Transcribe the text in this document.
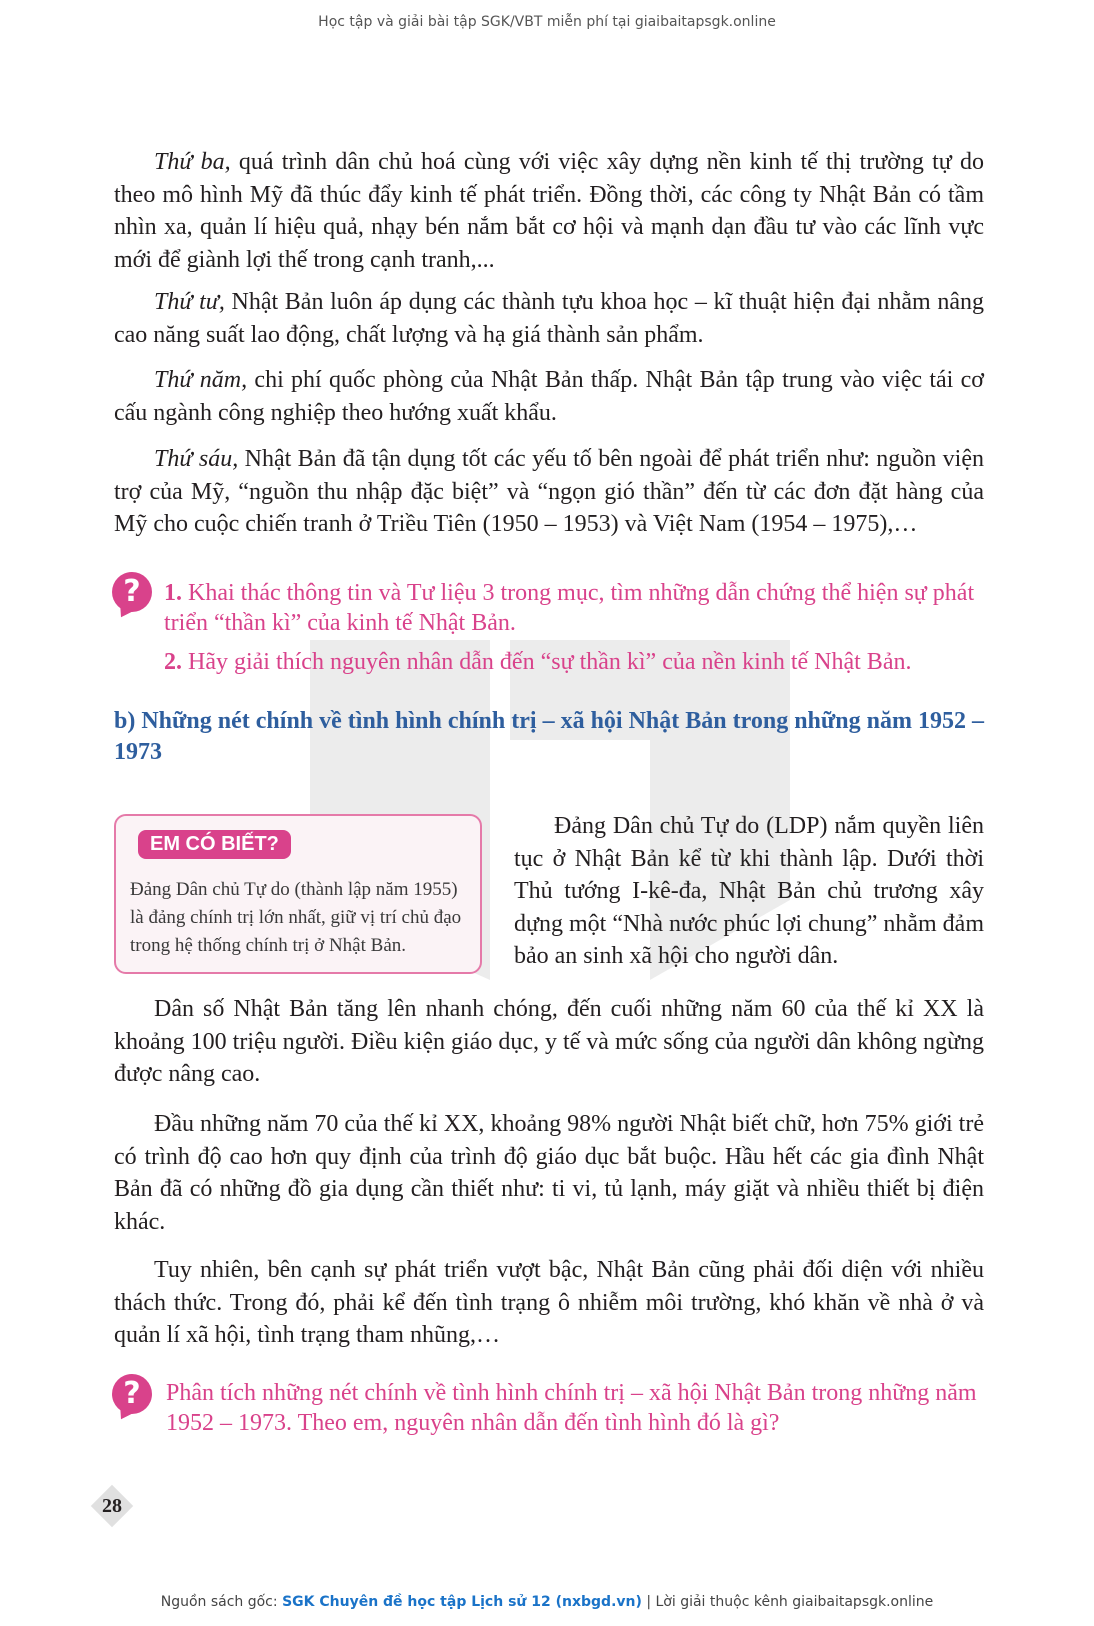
Học tập và giải bài tập SGK/VBT miễn phí tại giaibaitapsgk.online

Thứ ba, quá trình dân chủ hoá cùng với việc xây dựng nền kinh tế thị trường tự do theo mô hình Mỹ đã thúc đẩy kinh tế phát triển. Đồng thời, các công ty Nhật Bản có tầm nhìn xa, quản lí hiệu quả, nhạy bén nắm bắt cơ hội và mạnh dạn đầu tư vào các lĩnh vực mới để giành lợi thế trong cạnh tranh,...

Thứ tư, Nhật Bản luôn áp dụng các thành tựu khoa học – kĩ thuật hiện đại nhằm nâng cao năng suất lao động, chất lượng và hạ giá thành sản phẩm.

Thứ năm, chi phí quốc phòng của Nhật Bản thấp. Nhật Bản tập trung vào việc tái cơ cấu ngành công nghiệp theo hướng xuất khẩu.

Thứ sáu, Nhật Bản đã tận dụng tốt các yếu tố bên ngoài để phát triển như: nguồn viện trợ của Mỹ, “nguồn thu nhập đặc biệt” và “ngọn gió thần” đến từ các đơn đặt hàng của Mỹ cho cuộc chiến tranh ở Triều Tiên (1950 – 1953) và Việt Nam (1954 – 1975),…

? 1. Khai thác thông tin và Tư liệu 3 trong mục, tìm những dẫn chứng thể hiện sự phát triển “thần kì” của kinh tế Nhật Bản.

2. Hãy giải thích nguyên nhân dẫn đến “sự thần kì” của nền kinh tế Nhật Bản.

b) Những nét chính về tình hình chính trị – xã hội Nhật Bản trong những năm 1952 – 1973
EM CÓ BIẾT?

Đảng Dân chủ Tự do (thành lập năm 1955) là đảng chính trị lớn nhất, giữ vị trí chủ đạo trong hệ thống chính trị ở Nhật Bản.

Đảng Dân chủ Tự do (LDP) nắm quyền liên tục ở Nhật Bản kể từ khi thành lập. Dưới thời Thủ tướng I-kê-đa, Nhật Bản chủ trương xây dựng một “Nhà nước phúc lợi chung” nhằm đảm bảo an sinh xã hội cho người dân.

Dân số Nhật Bản tăng lên nhanh chóng, đến cuối những năm 60 của thế kỉ XX là khoảng 100 triệu người. Điều kiện giáo dục, y tế và mức sống của người dân không ngừng được nâng cao.

Đầu những năm 70 của thế kỉ XX, khoảng 98% người Nhật biết chữ, hơn 75% giới trẻ có trình độ cao hơn quy định của trình độ giáo dục bắt buộc. Hầu hết các gia đình Nhật Bản đã có những đồ gia dụng cần thiết như: ti vi, tủ lạnh, máy giặt và nhiều thiết bị điện khác.

Tuy nhiên, bên cạnh sự phát triển vượt bậc, Nhật Bản cũng phải đối diện với nhiều thách thức. Trong đó, phải kể đến tình trạng ô nhiễm môi trường, khó khăn về nhà ở và quản lí xã hội, tình trạng tham nhũng,…

?	Phân tích những nét chính về tình hình chính trị – xã hội Nhật Bản trong những năm 1952 – 1973. Theo em, nguyên nhân dẫn đến tình hình đó là gì?

28
Nguồn sách gốc: SGK Chuyên đề học tập Lịch sử 12 (nxbgd.vn) | Lời giải thuộc kênh giaibaitapsgk.online
